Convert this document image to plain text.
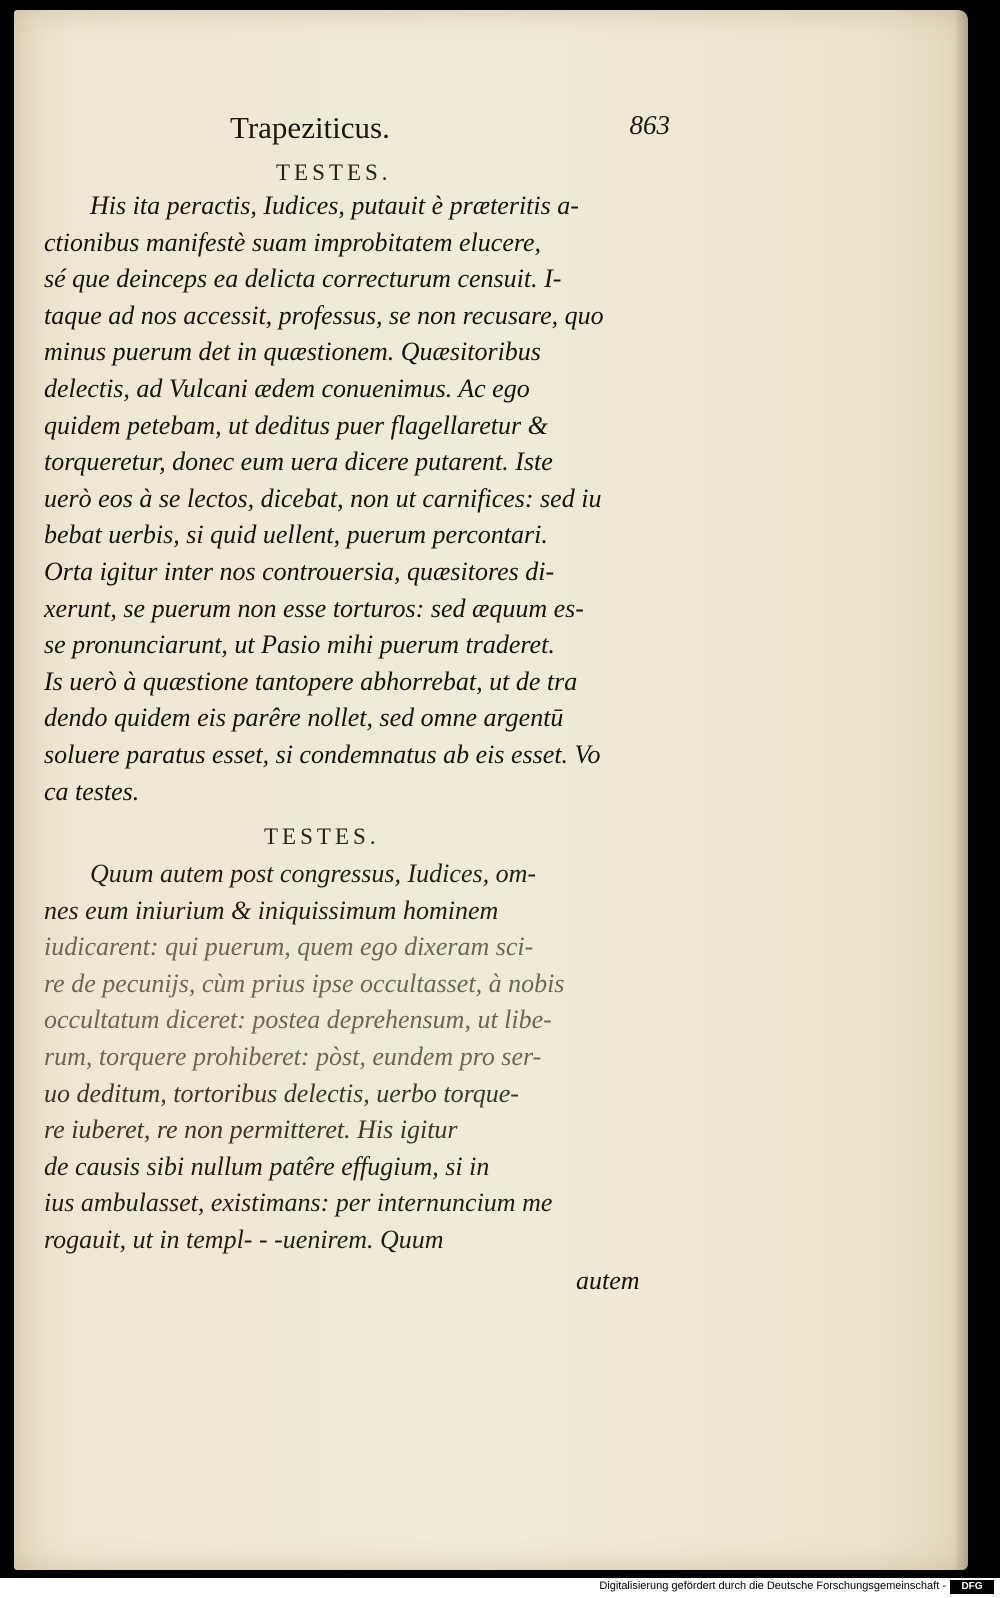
Trapeziticus.	863
TESTES.
His ita peractis, Iudices, putauit è præteritis a-
ctionibus manifestè suam improbitatem elucere,
sé que deinceps ea delicta correcturum censuit. I-
taque ad nos accessit, professus, se non recusare, quo
minus puerum det in quæstionem. Quæsitoribus
delectis, ad Vulcani ædem conuenimus. Ac ego
quidem petebam, ut deditus puer flagellaretur &
torqueretur, donec eum uera dicere putarent. Iste
uerò eos à se lectos, dicebat, non ut carnifices: sed iu
bebat uerbis, si quid uellent, puerum percontari.
Orta igitur inter nos controuersia, quæsitores di-
xerunt, se puerum non esse torturos: sed æquum es-
se pronunciarunt, ut Pasio mihi puerum traderet.
Is uerò à quæstione tantopere abhorrebat, ut de tra
dendo quidem eis parêre nollet, sed omne argentū
soluere paratus esset, si condemnatus ab eis esset. Vo
ca testes.
TESTES.
Quum autem post congressus, Iudices, om-
nes eum iniurium & iniquissimum hominem
iudicarent: qui puerum, quem ego dixeram sci-
re de pecunijs, cùm prius ipse occultasset, à nobis
occultatum diceret: postea deprehensum, ut libe-
rum, torquere prohiberet: pòst, eundem pro ser-
uo deditum, tortoribus delectis, uerbo torque-
re iuberet, re non permitteret. His igitur
de causis sibi nullum patêre effugium, si in
ius ambulasset, existimans: per internuncium me
rogauit, ut in templ- - -uenirem. Quum
autem
Digitalisierung gefördert durch die Deutsche Forschungsgemeinschaft -	DFG
